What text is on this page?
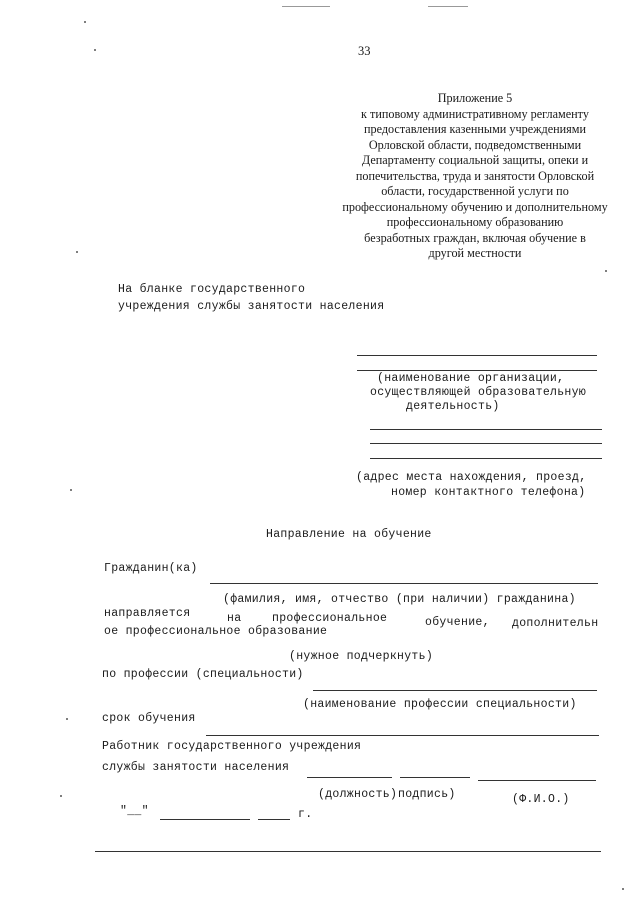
33
Приложение 5
к типовому административному регламенту
предоставления казенными учреждениями
Орловской области, подведомственными
Департаменту социальной защиты, опеки и
попечительства, труда и занятости Орловской
области, государственной услуги по
профессиональному обучению и дополнительному
профессиональному образованию
безработных граждан, включая обучение в
другой местности
На бланке государственного
учреждения службы занятости населения
(наименование организации,
осуществляющей образовательную
деятельность)
(адрес места нахождения, проезд,
номер контактного телефона)
Направление на обучение
Гражданин(ка)
(фамилия, имя, отчество (при наличии) гражданина)
направляется	на	профессиональное	обучение, дополнительн
ое профессиональное образование
(нужное подчеркнуть)
по профессии (специальности)
(наименование профессии специальности)
срок обучения
Работник государственного учреждения
службы занятости населения
(должность) подпись)	(Ф.И.О.)
"__"	г.
